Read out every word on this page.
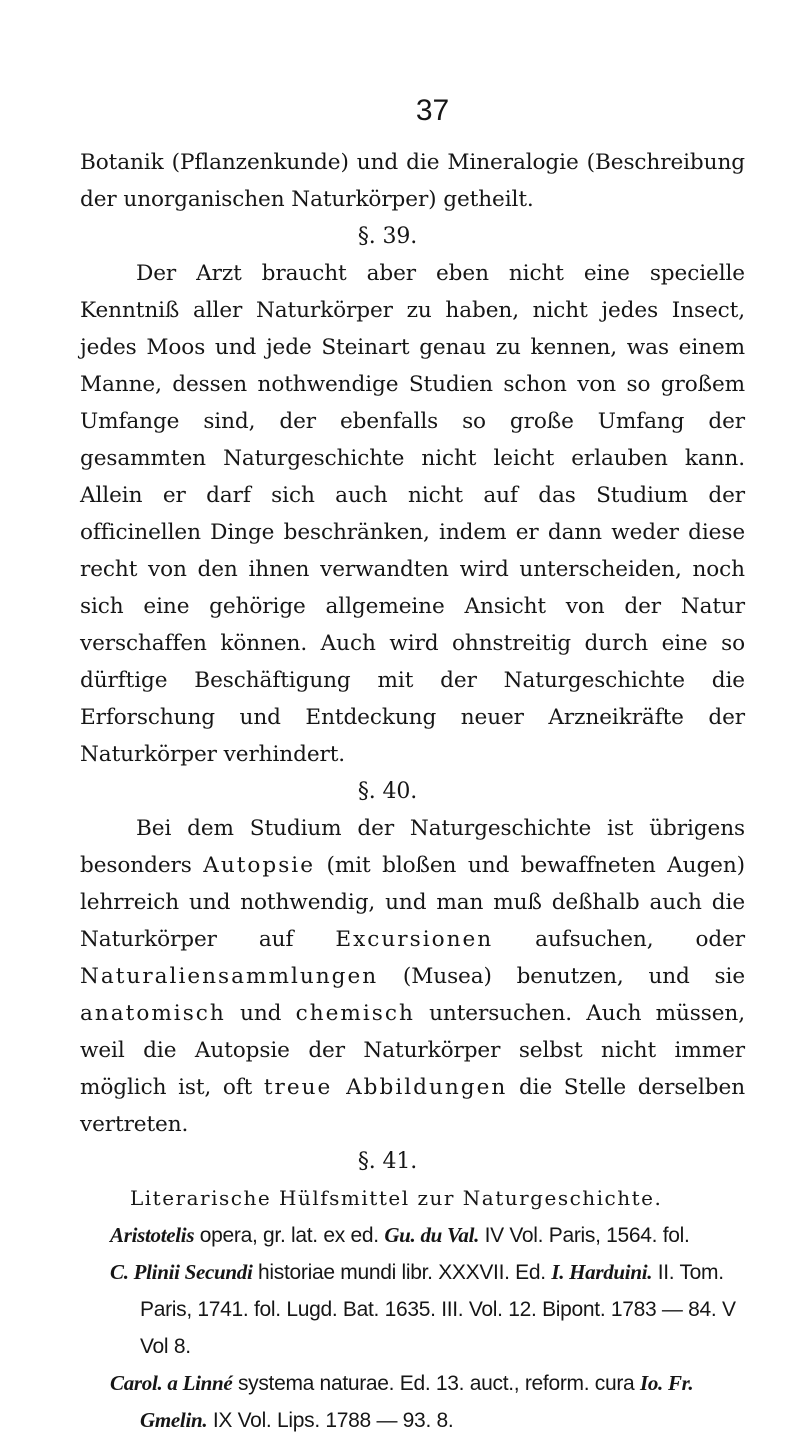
37
Botanik (Pflanzenkunde) und die Mineralogie (Beschreibung der unorganischen Naturkörper) getheilt.
§. 39.
Der Arzt braucht aber eben nicht eine specielle Kenntniß aller Naturkörper zu haben, nicht jedes Insect, jedes Moos und jede Steinart genau zu kennen, was einem Manne, dessen nothwendige Studien schon von so großem Umfange sind, der ebenfalls so große Umfang der gesammten Naturgeschichte nicht leicht erlauben kann. Allein er darf sich auch nicht auf das Studium der officinellen Dinge beschränken, indem er dann weder diese recht von den ihnen verwandten wird unterscheiden, noch sich eine gehörige allgemeine Ansicht von der Natur verschaffen können. Auch wird ohnstreitig durch eine so dürftige Beschäftigung mit der Naturgeschichte die Erforschung und Entdeckung neuer Arzneikräfte der Naturkörper verhindert.
§. 40.
Bei dem Studium der Naturgeschichte ist übrigens besonders Autopsie (mit bloßen und bewaffneten Augen) lehrreich und nothwendig, und man muß deßhalb auch die Naturkörper auf Excursionen aufsuchen, oder Naturaliensammlungen (Musea) benutzen, und sie anatomisch und chemisch untersuchen. Auch müssen, weil die Autopsie der Naturkörper selbst nicht immer möglich ist, oft treue Abbildungen die Stelle derselben vertreten.
§. 41.
Literarische Hülfsmittel zur Naturgeschichte.
Aristotelis opera, gr. lat. ex ed. Gu. du Val. IV Vol. Paris, 1564. fol.
C. Plinii Secundi historiae mundi libr. XXXVII. Ed. I. Harduini. II. Tom. Paris, 1741. fol. Lugd. Bat. 1635. III. Vol. 12. Bipont. 1783 — 84. V Vol 8.
Carol. a Linné systema naturae. Ed. 13. auct., reform. cura Io. Fr. Gmelin. IX Vol. Lips. 1788 — 93. 8.
